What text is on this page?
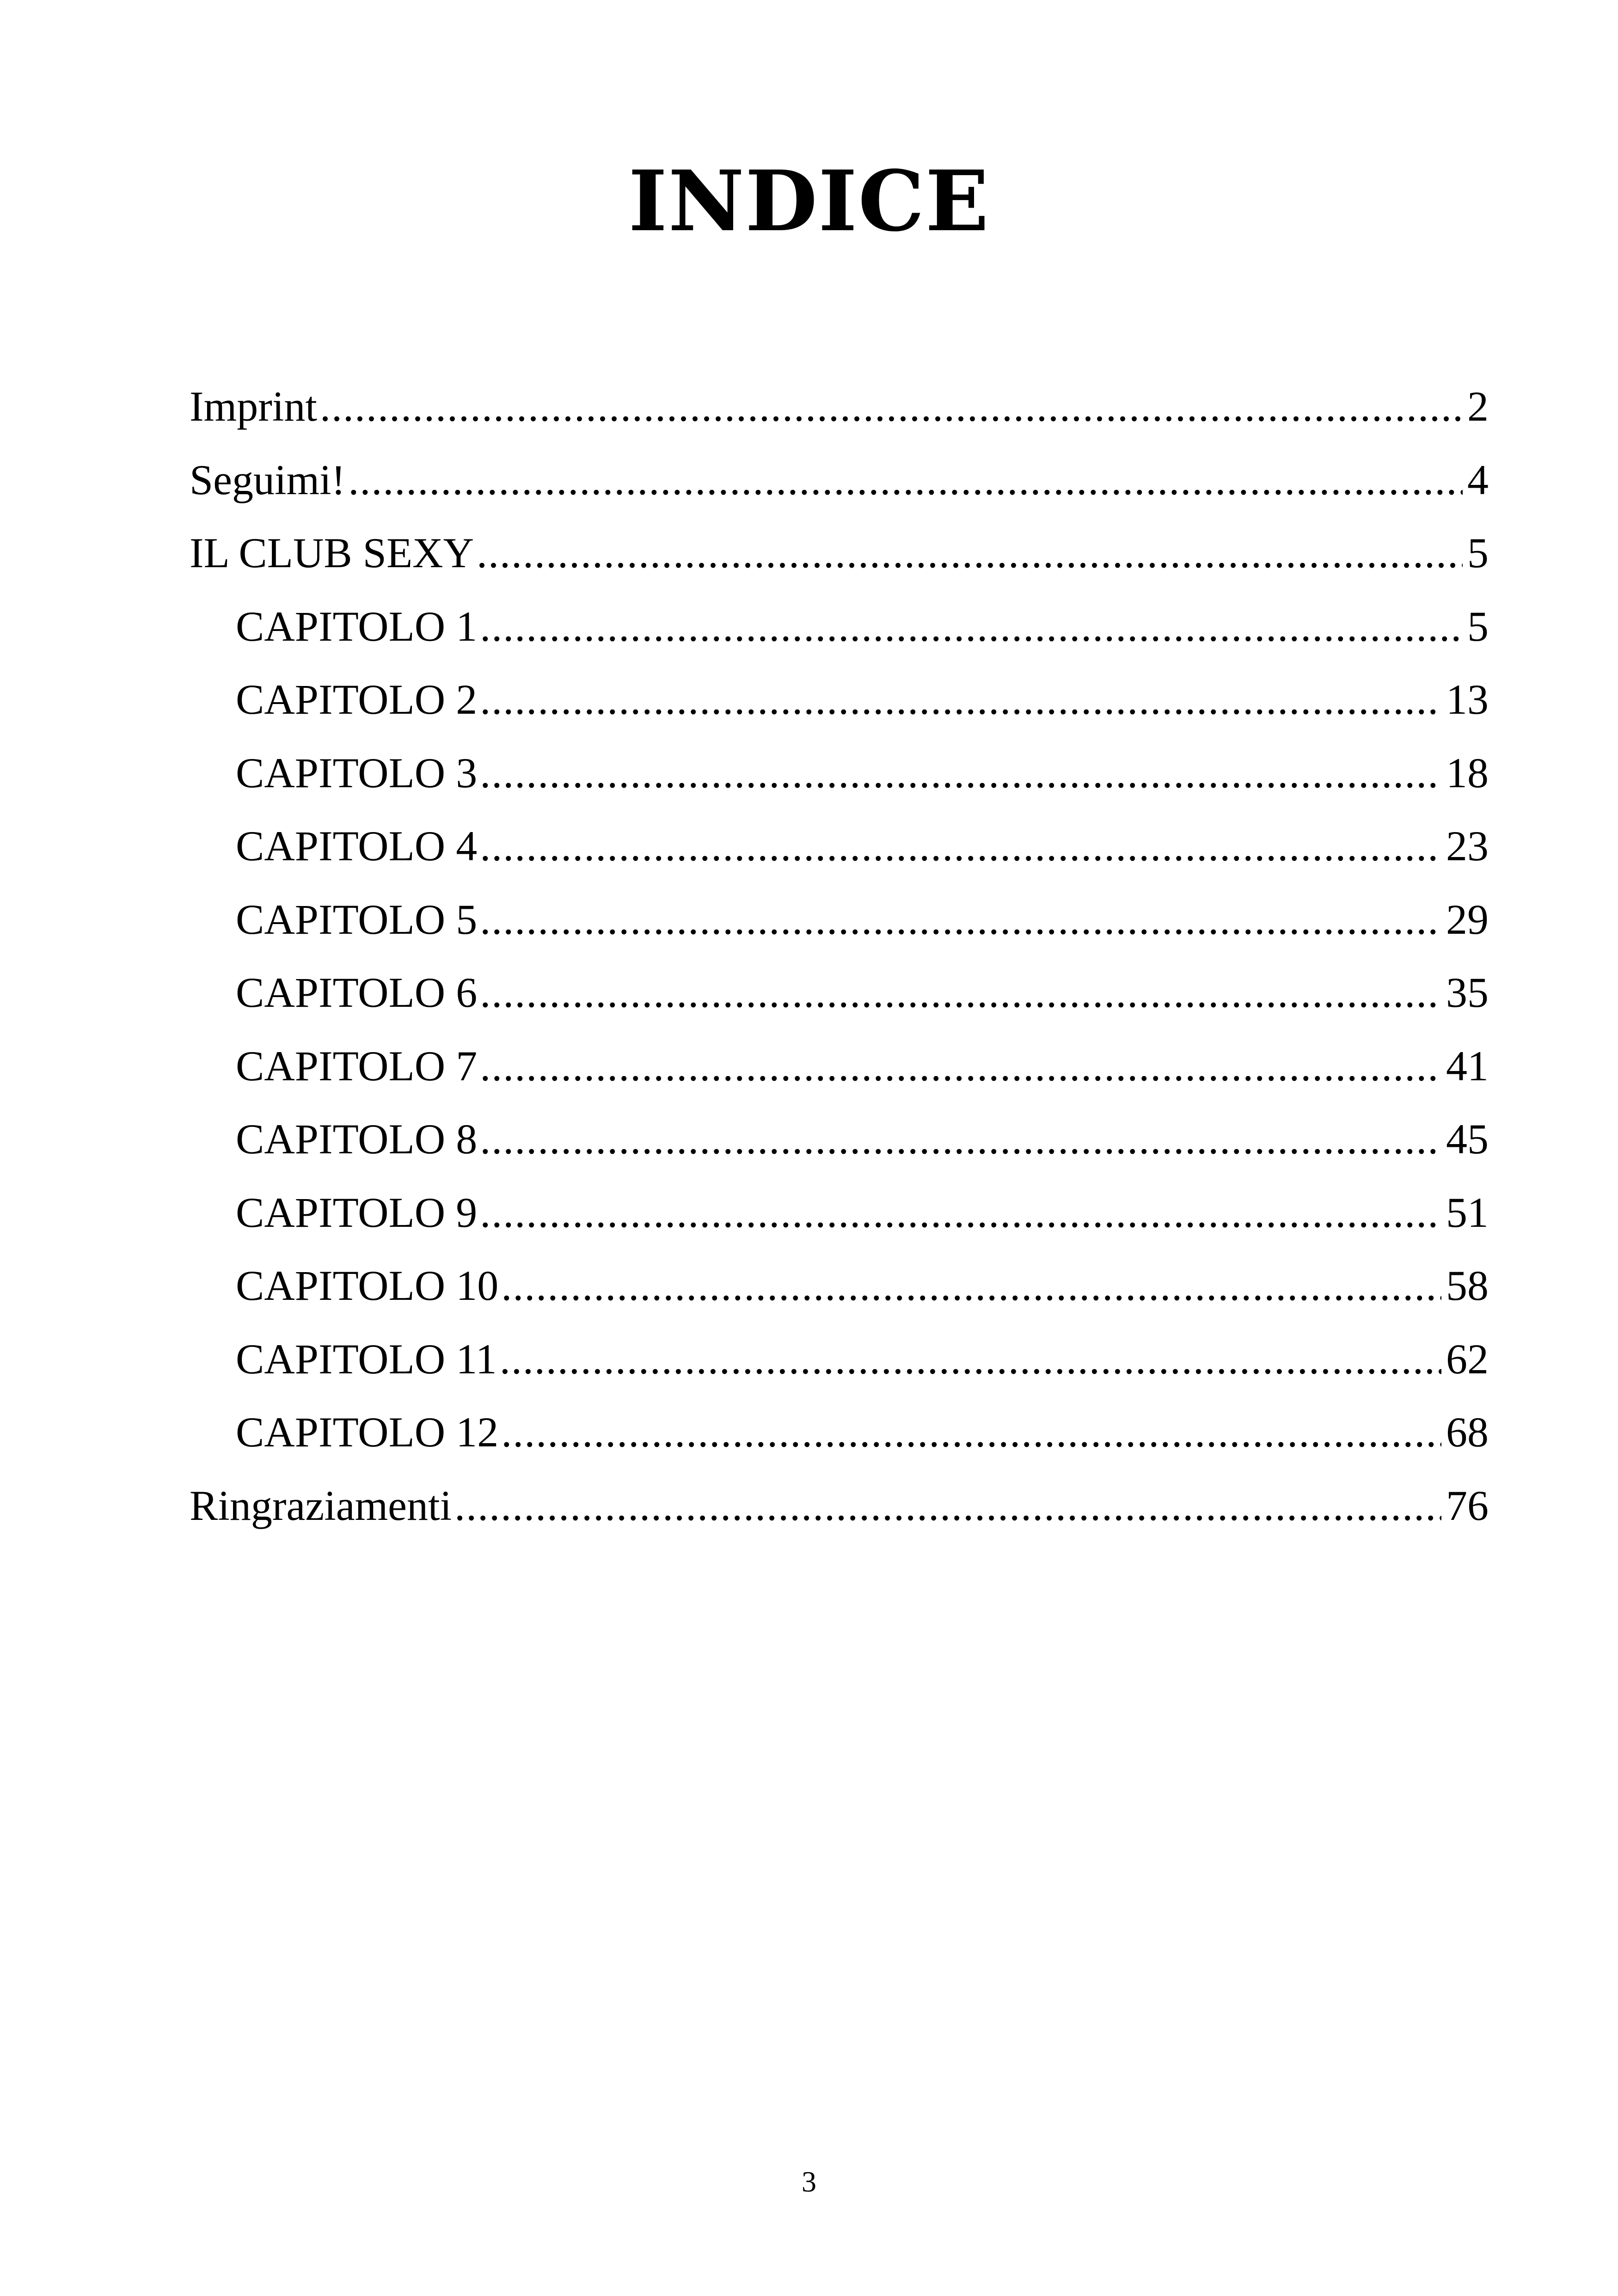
INDICE
Imprint .....	2
Seguimi! .....	4
IL CLUB SEXY .....	5
CAPITOLO 1 .....	5
CAPITOLO 2 .....	13
CAPITOLO 3 .....	18
CAPITOLO 4 .....	23
CAPITOLO 5 .....	29
CAPITOLO 6 .....	35
CAPITOLO 7 .....	41
CAPITOLO 8 .....	45
CAPITOLO 9 .....	51
CAPITOLO 10 .....	58
CAPITOLO 11 .....	62
CAPITOLO 12 .....	68
Ringraziamenti .....	76
3
